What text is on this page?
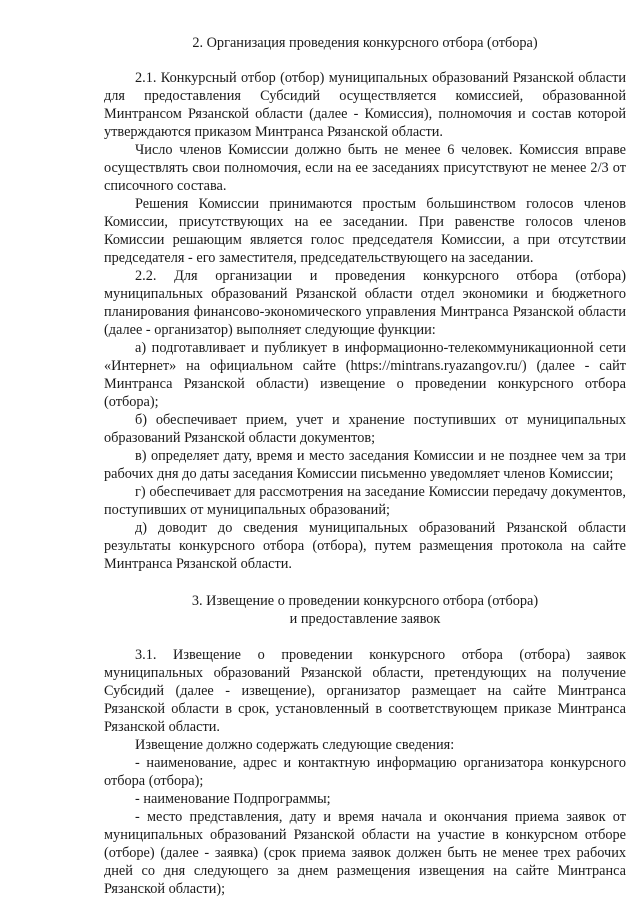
2. Организация проведения конкурсного отбора (отбора)

2.1. Конкурсный отбор (отбор) муниципальных образований Рязанской области для предоставления Субсидий осуществляется комиссией, образованной Минтрансом Рязанской области (далее - Комиссия), полномочия и состав которой утверждаются приказом Минтранса Рязанской области.

Число членов Комиссии должно быть не менее 6 человек. Комиссия вправе осуществлять свои полномочия, если на ее заседаниях присутствуют не менее 2/3 от списочного состава.

Решения Комиссии принимаются простым большинством голосов членов Комиссии, присутствующих на ее заседании. При равенстве голосов членов Комиссии решающим является голос председателя Комиссии, а при отсутствии председателя - его заместителя, председательствующего на заседании.

2.2. Для организации и проведения конкурсного отбора (отбора) муниципальных образований Рязанской области отдел экономики и бюджетного планирования финансово-экономического управления Минтранса Рязанской области (далее - организатор) выполняет следующие функции:

а) подготавливает и публикует в информационно-телекоммуникационной сети «Интернет» на официальном сайте (https://mintrans.ryazangov.ru/) (далее - сайт Минтранса Рязанской области) извещение о проведении конкурсного отбора (отбора);

б) обеспечивает прием, учет и хранение поступивших от муниципальных образований Рязанской области документов;

в) определяет дату, время и место заседания Комиссии и не позднее чем за три рабочих дня до даты заседания Комиссии письменно уведомляет членов Комиссии;

г) обеспечивает для рассмотрения на заседание Комиссии передачу документов, поступивших от муниципальных образований;

д) доводит до сведения муниципальных образований Рязанской области результаты конкурсного отбора (отбора), путем размещения протокола на сайте Минтранса Рязанской области.

3. Извещение о проведении конкурсного отбора (отбора)
и предоставление заявок

3.1. Извещение о проведении конкурсного отбора (отбора) заявок муниципальных образований Рязанской области, претендующих на получение Субсидий (далее - извещение), организатор размещает на сайте Минтранса Рязанской области в срок, установленный в соответствующем приказе Минтранса Рязанской области.

Извещение должно содержать следующие сведения:

- наименование, адрес и контактную информацию организатора конкурсного отбора (отбора);

- наименование Подпрограммы;

- место представления, дату и время начала и окончания приема заявок от муниципальных образований Рязанской области на участие в конкурсном отборе (отборе) (далее - заявка) (срок приема заявок должен быть не менее трех рабочих дней со дня следующего за днем размещения извещения на сайте Минтранса Рязанской области);
